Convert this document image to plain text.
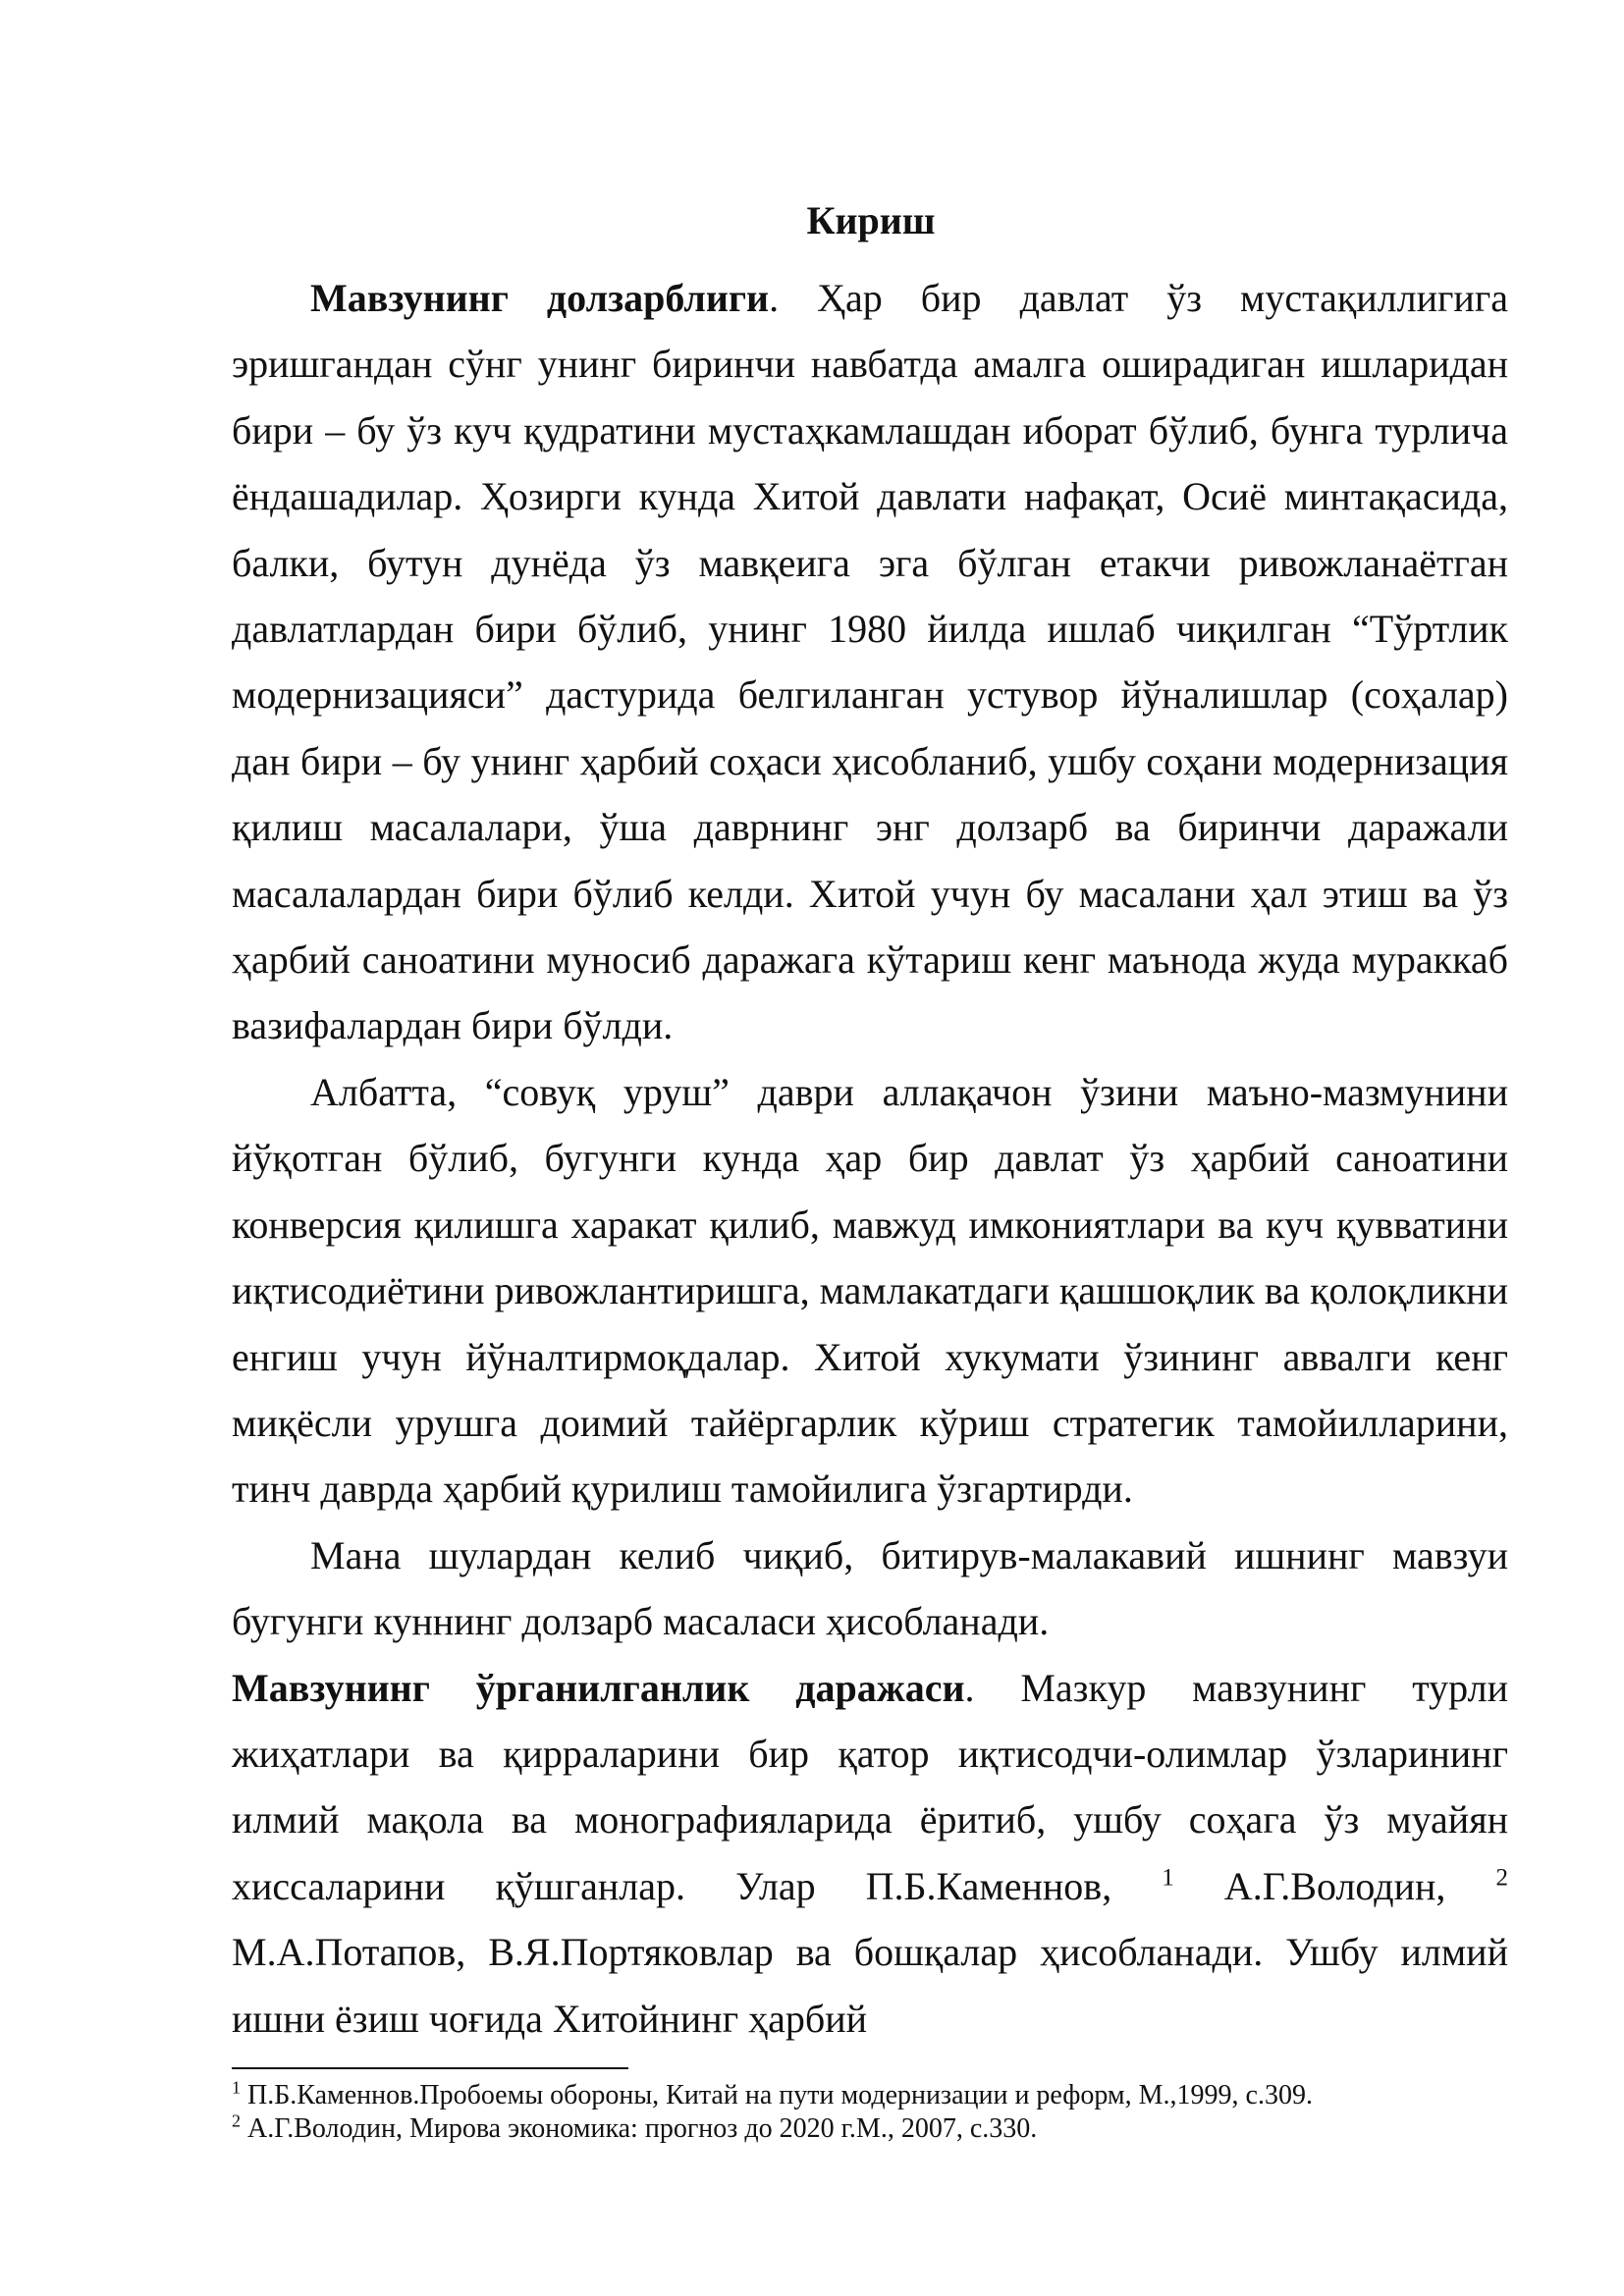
Кириш

Мавзунинг долзарблиги. Ҳар бир давлат ўз мустақиллигига эришгандан сўнг унинг биринчи навбатда амалга оширадиган ишларидан бири – бу ўз куч қудратини мустаҳкамлашдан иборат бўлиб, бунга турлича ёндашадилар. Ҳозирги кунда Хитой давлати нафақат, Осиё минтақасида, балки, бутун дунёда ўз мавқеига эга бўлган етакчи ривожланаётган давлатлардан бири бўлиб, унинг 1980 йилда ишлаб чиқилган “Тўртлик модернизацияси” дастурида белгиланган устувор йўналишлар (соҳалар) дан бири – бу унинг ҳарбий соҳаси ҳисобланиб, ушбу соҳани модернизация қилиш масалалари, ўша даврнинг энг долзарб ва биринчи даражали масалалардан бири бўлиб келди. Хитой учун бу масалани ҳал этиш ва ўз ҳарбий саноатини муносиб даражага кўтариш кенг маънода жуда мураккаб вазифалардан бири бўлди.

Албатта, “совуқ уруш” даври аллақачон ўзини маъно-мазмунини йўқотган бўлиб, бугунги кунда ҳар бир давлат ўз ҳарбий саноатини конверсия қилишга харакат қилиб, мавжуд имкониятлари ва куч қувватини иқтисодиётини ривожлантиришга, мамлакатдаги қашшоқлик ва қолоқликни енгиш учун йўналтирмоқдалар. Хитой хукумати ўзининг аввалги кенг миқёсли урушга доимий тайёргарлик кўриш стратегик тамойилларини, тинч даврда ҳарбий қурилиш тамойилига ўзгартирди.

Мана шулардан келиб чиқиб, битирув-малакавий ишнинг мавзуи бугунги куннинг долзарб масаласи ҳисобланади.

Мавзунинг ўрганилганлик даражаси. Мазкур мавзунинг турли жиҳатлари ва қирраларини бир қатор иқтисодчи-олимлар ўзларининг илмий мақола ва монографияларида ёритиб, ушбу соҳага ўз муайян хиссаларини қўшганлар. Улар П.Б.Каменнов, $^1$ А.Г.Володин, $^2$ М.А.Потапов, В.Я.Портяковлар ва бошқалар ҳисобланади. Ушбу илмий ишни ёзиш чоғида Хитойнинг ҳарбий

$^1$ П.Б.Каменнов.Пробоемы обороны, Китай на пути модернизации и реформ, М.,1999, с.309.
$^2$ А.Г.Володин, Мирова экономика: прогноз до 2020 г.М., 2007, с.330.
